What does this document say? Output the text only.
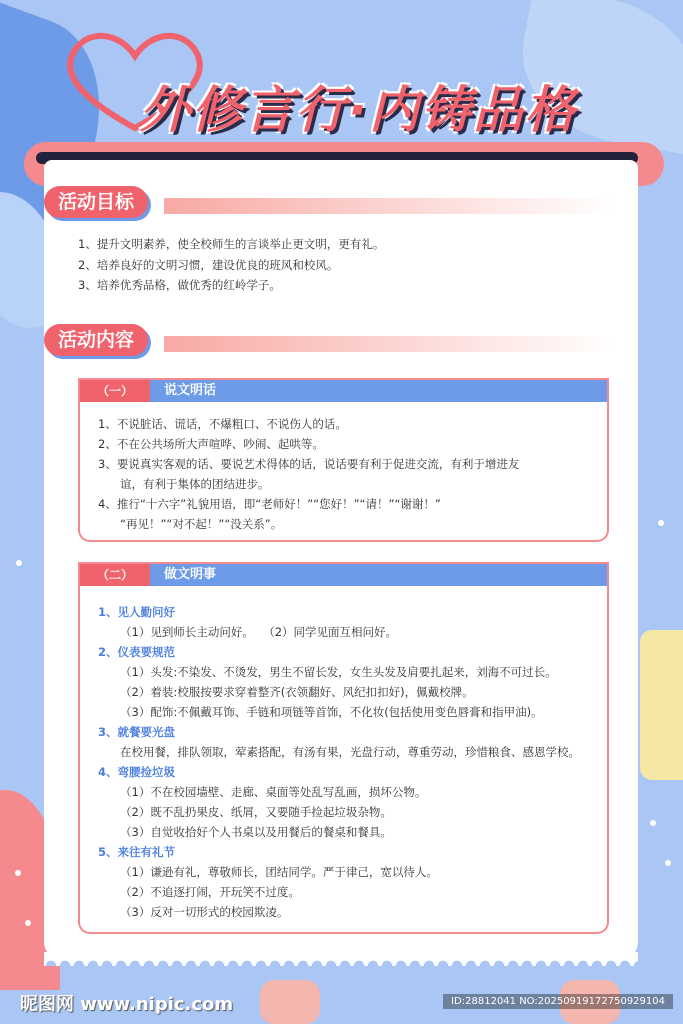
外修言行·内铸品格
活动目标
1、提升文明素养，使全校师生的言谈举止更文明，更有礼。
2、培养良好的文明习惯，建设优良的班风和校风。
3、培养优秀品格，做优秀的红岭学子。
活动内容
（一）	说文明话
1、不说脏话、谎话，不爆粗口、不说伤人的话。
2、不在公共场所大声喧哗、吵闹、起哄等。
3、要说真实客观的话、要说艺术得体的话，说话要有利于促进交流，有利于增进友
谊，有利于集体的团结进步。
4、推行“十六字”礼貌用语，即“老师好！”“您好！”“请！”“谢谢！”
“再见！”“对不起！”“没关系”。
（二）	做文明事
1、见人勤问好
（1）见到师长主动问好。　 （2）同学见面互相问好。
2、仪表要规范
（1）头发:不染发、不烫发，男生不留长发，女生头发及肩要扎起来，刘海不可过长。
（2）着装:校服按要求穿着整齐(衣领翻好、风纪扣扣好)，佩戴校牌。
（3）配饰:不佩戴耳饰、手链和项链等首饰，不化妆(包括使用变色唇膏和指甲油)。
3、就餐要光盘
在校用餐，排队领取，荤素搭配，有汤有果，光盘行动，尊重劳动，珍惜粮食、感恩学校。
4、弯腰捡垃圾
（1）不在校园墙壁、走廊、桌面等处乱写乱画，损坏公物。
（2）既不乱扔果皮、纸屑，又要随手捡起垃圾杂物。
（3）自觉收拾好个人书桌以及用餐后的餐桌和餐具。
5、来往有礼节
（1）谦逊有礼，尊敬师长，团结同学。严于律己，宽以待人。
（2）不追逐打闹，开玩笑不过度。
（3）反对一切形式的校园欺凌。
昵图网 www.nipic.com	ID:28812041 NO:20250919172750929104
